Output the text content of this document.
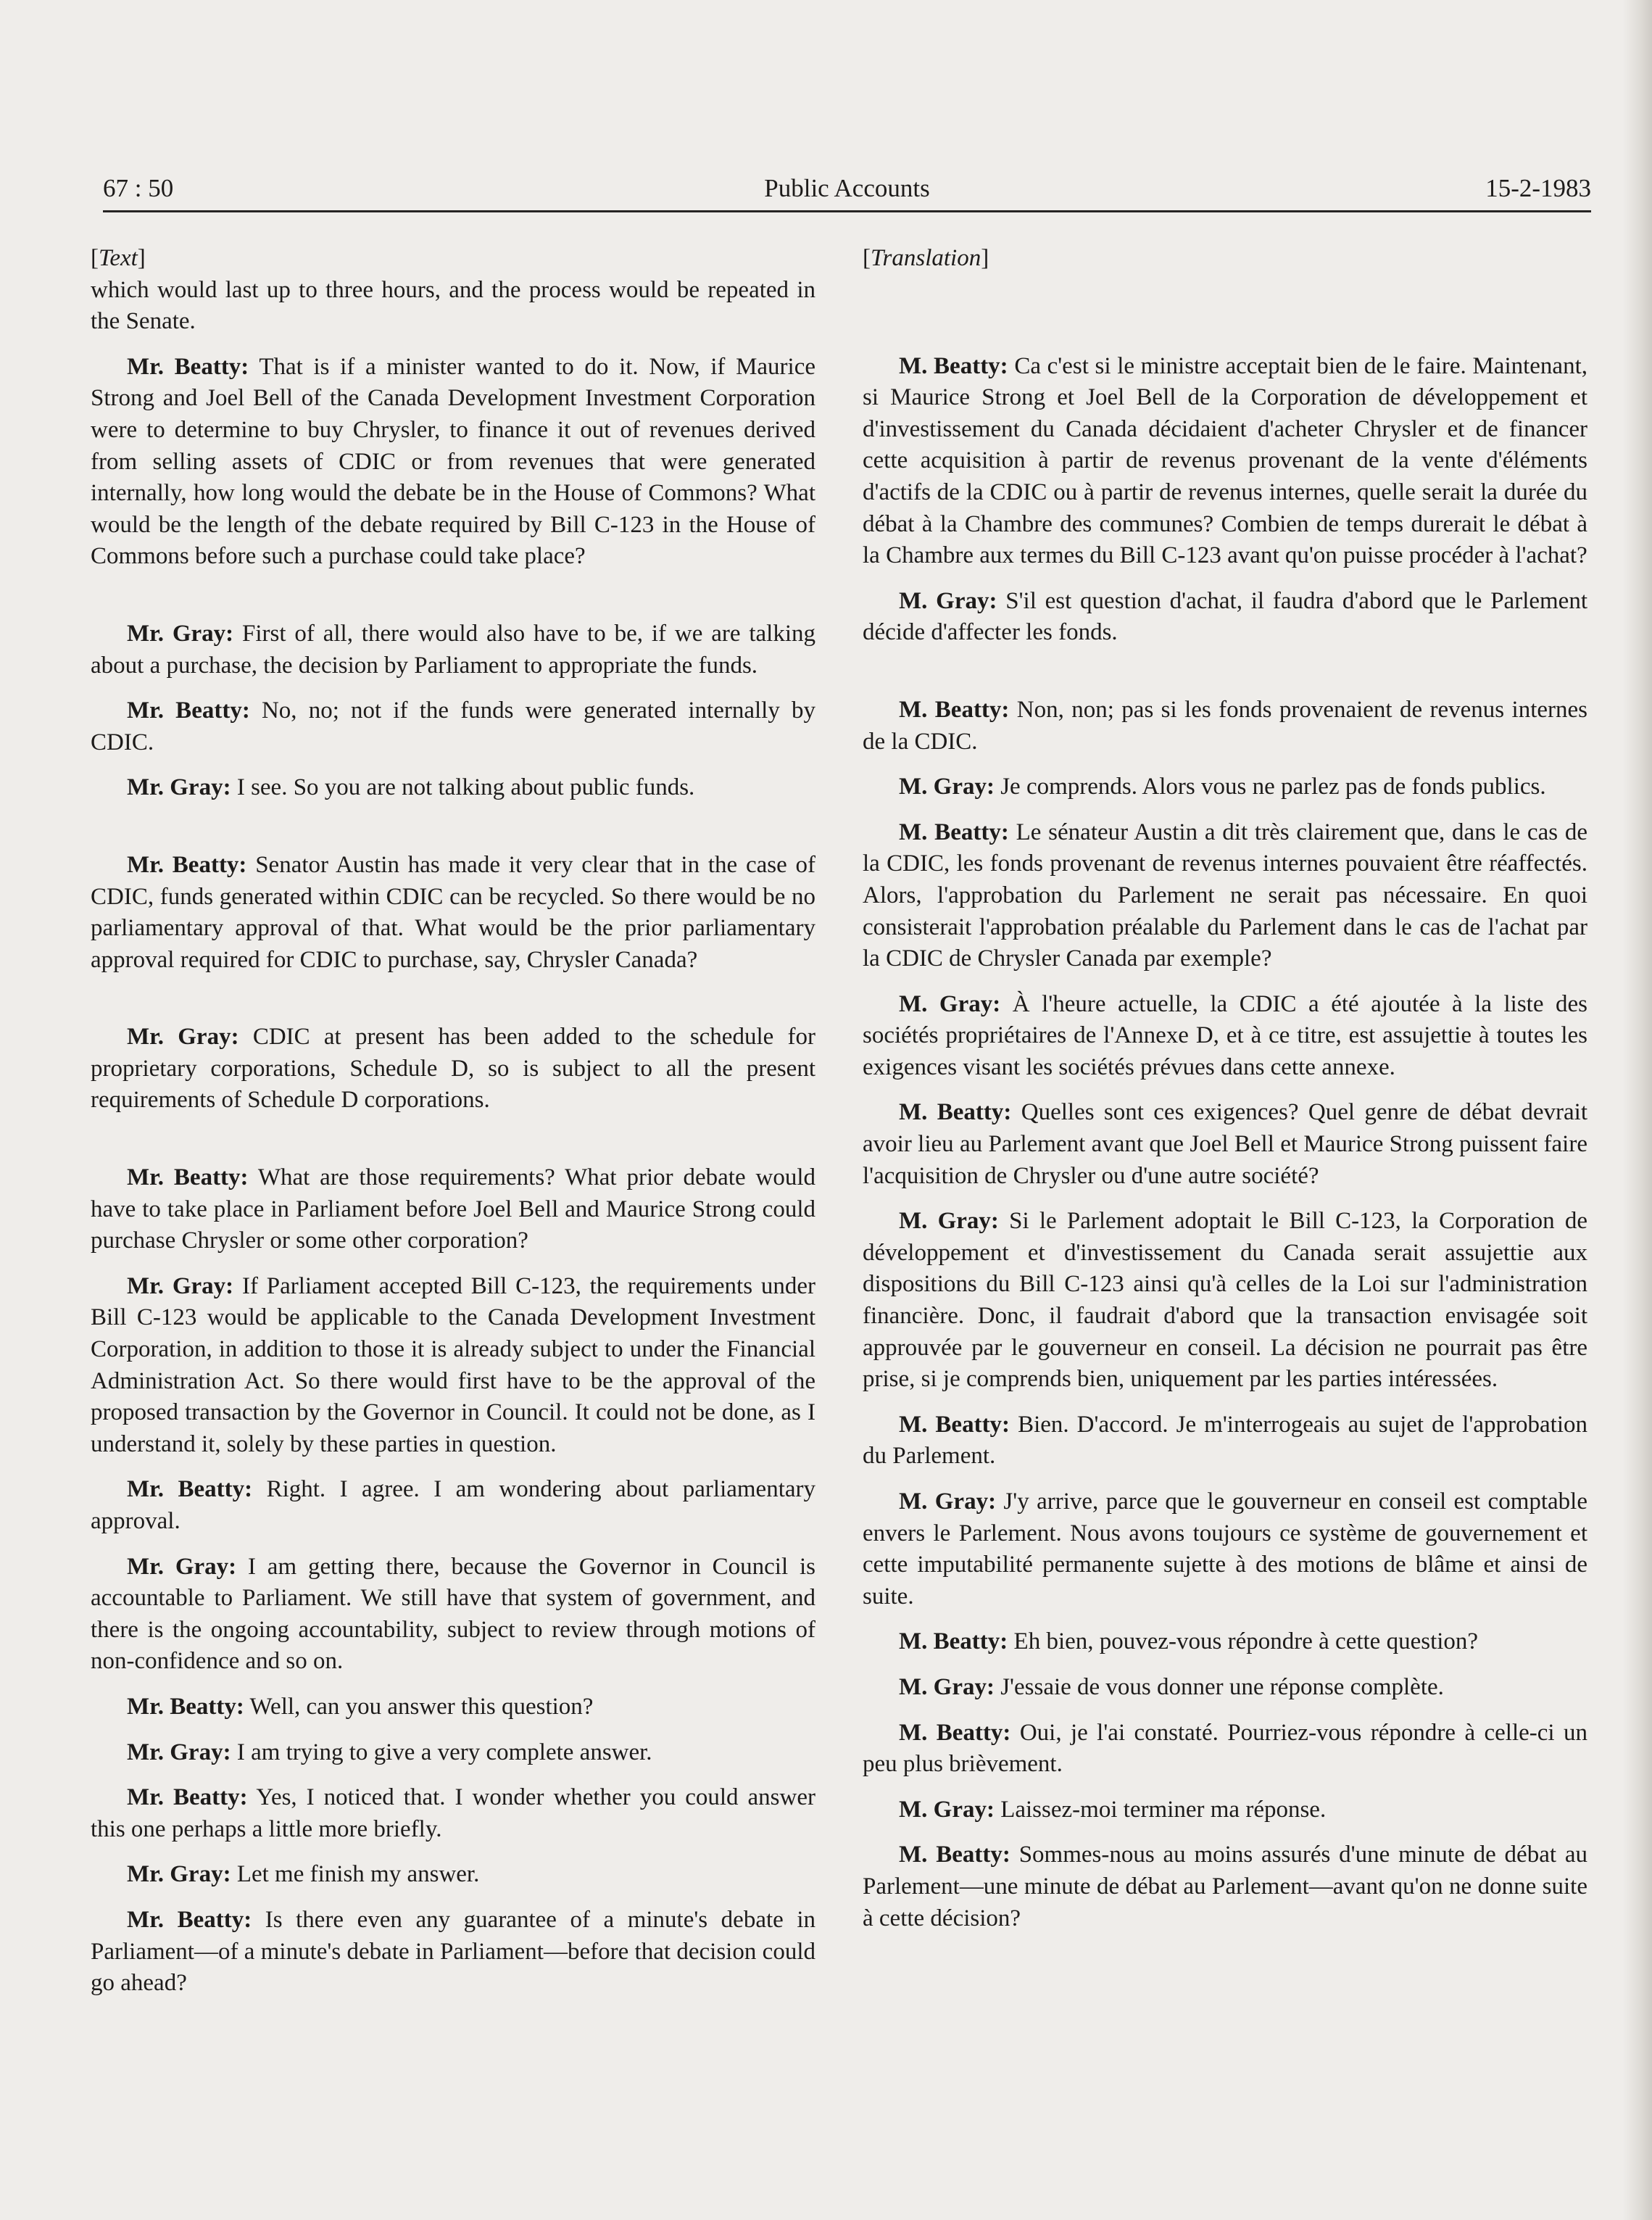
67 : 50	Public Accounts	15-2-1983
[Text]

which would last up to three hours, and the process would be repeated in the Senate.

Mr. Beatty: That is if a minister wanted to do it. Now, if Maurice Strong and Joel Bell of the Canada Development Investment Corporation were to determine to buy Chrysler, to finance it out of revenues derived from selling assets of CDIC or from revenues that were generated internally, how long would the debate be in the House of Commons? What would be the length of the debate required by Bill C-123 in the House of Commons before such a purchase could take place?

Mr. Gray: First of all, there would also have to be, if we are talking about a purchase, the decision by Parliament to appropriate the funds.

Mr. Beatty: No, no; not if the funds were generated internally by CDIC.

Mr. Gray: I see. So you are not talking about public funds.

Mr. Beatty: Senator Austin has made it very clear that in the case of CDIC, funds generated within CDIC can be recycled. So there would be no parliamentary approval of that. What would be the prior parliamentary approval required for CDIC to purchase, say, Chrysler Canada?

Mr. Gray: CDIC at present has been added to the schedule for proprietary corporations, Schedule D, so is subject to all the present requirements of Schedule D corporations.

Mr. Beatty: What are those requirements? What prior debate would have to take place in Parliament before Joel Bell and Maurice Strong could purchase Chrysler or some other corporation?

Mr. Gray: If Parliament accepted Bill C-123, the requirements under Bill C-123 would be applicable to the Canada Development Investment Corporation, in addition to those it is already subject to under the Financial Administration Act. So there would first have to be the approval of the proposed transaction by the Governor in Council. It could not be done, as I understand it, solely by these parties in question.

Mr. Beatty: Right. I agree. I am wondering about parliamentary approval.

Mr. Gray: I am getting there, because the Governor in Council is accountable to Parliament. We still have that system of government, and there is the ongoing accountability, subject to review through motions of non-confidence and so on.

Mr. Beatty: Well, can you answer this question?

Mr. Gray: I am trying to give a very complete answer.

Mr. Beatty: Yes, I noticed that. I wonder whether you could answer this one perhaps a little more briefly.

Mr. Gray: Let me finish my answer.

Mr. Beatty: Is there even any guarantee of a minute's debate in Parliament—of a minute's debate in Parliament—before that decision could go ahead?

[Translation]

M. Beatty: Ca c'est si le ministre acceptait bien de le faire. Maintenant, si Maurice Strong et Joel Bell de la Corporation de développement et d'investissement du Canada décidaient d'acheter Chrysler et de financer cette acquisition à partir de revenus provenant de la vente d'éléments d'actifs de la CDIC ou à partir de revenus internes, quelle serait la durée du débat à la Chambre des communes? Combien de temps durerait le débat à la Chambre aux termes du Bill C-123 avant qu'on puisse procéder à l'achat?

M. Gray: S'il est question d'achat, il faudra d'abord que le Parlement décide d'affecter les fonds.

M. Beatty: Non, non; pas si les fonds provenaient de revenus internes de la CDIC.

M. Gray: Je comprends. Alors vous ne parlez pas de fonds publics.

M. Beatty: Le sénateur Austin a dit très clairement que, dans le cas de la CDIC, les fonds provenant de revenus internes pouvaient être réaffectés. Alors, l'approbation du Parlement ne serait pas nécessaire. En quoi consisterait l'approbation préalable du Parlement dans le cas de l'achat par la CDIC de Chrysler Canada par exemple?

M. Gray: À l'heure actuelle, la CDIC a été ajoutée à la liste des sociétés propriétaires de l'Annexe D, et à ce titre, est assujettie à toutes les exigences visant les sociétés prévues dans cette annexe.

M. Beatty: Quelles sont ces exigences? Quel genre de débat devrait avoir lieu au Parlement avant que Joel Bell et Maurice Strong puissent faire l'acquisition de Chrysler ou d'une autre société?

M. Gray: Si le Parlement adoptait le Bill C-123, la Corporation de développement et d'investissement du Canada serait assujettie aux dispositions du Bill C-123 ainsi qu'à celles de la Loi sur l'administration financière. Donc, il faudrait d'abord que la transaction envisagée soit approuvée par le gouverneur en conseil. La décision ne pourrait pas être prise, si je comprends bien, uniquement par les parties intéressées.

M. Beatty: Bien. D'accord. Je m'interrogeais au sujet de l'approbation du Parlement.

M. Gray: J'y arrive, parce que le gouverneur en conseil est comptable envers le Parlement. Nous avons toujours ce système de gouvernement et cette imputabilité permanente sujette à des motions de blâme et ainsi de suite.

M. Beatty: Eh bien, pouvez-vous répondre à cette question?

M. Gray: J'essaie de vous donner une réponse complète.

M. Beatty: Oui, je l'ai constaté. Pourriez-vous répondre à celle-ci un peu plus brièvement.

M. Gray: Laissez-moi terminer ma réponse.

M. Beatty: Sommes-nous au moins assurés d'une minute de débat au Parlement—une minute de débat au Parlement—avant qu'on ne donne suite à cette décision?
